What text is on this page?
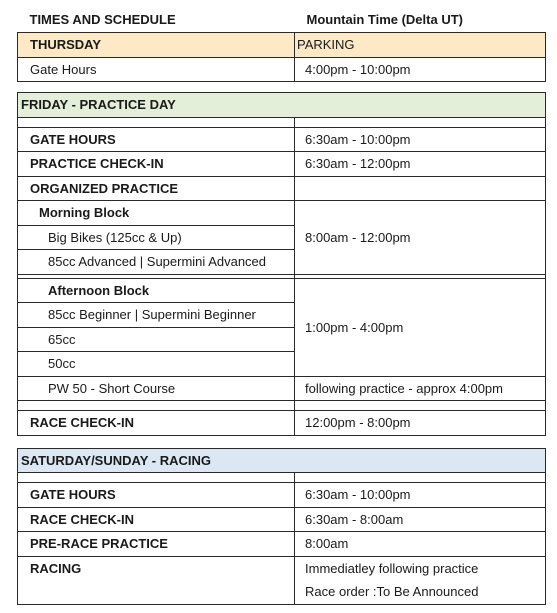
TIMES AND SCHEDULE	Mountain Time (Delta UT)
THURSDAY	PARKING
Gate Hours	4:00pm - 10:00pm

FRIDAY - PRACTICE DAY	

GATE HOURS	6:30am - 10:00pm
PRACTICE CHECK-IN	6:30am - 12:00pm
ORGANIZED PRACTICE	
Morning Block	8:00am - 12:00pm
Big Bikes (125cc & Up)	
85cc Advanced | Supermini Advanced	

Afternoon Block	1:00pm - 4:00pm
85cc Beginner | Supermini Beginner	
65cc	
50cc	
PW 50 - Short Course	following practice - approx 4:00pm

RACE CHECK-IN	12:00pm - 8:00pm

SATURDAY/SUNDAY - RACING	

GATE HOURS	6:30am - 10:00pm
RACE CHECK-IN	6:30am - 8:00am
PRE-RACE PRACTICE	8:00am
RACING	Immediatley following practice
	Race order :To Be Announced
